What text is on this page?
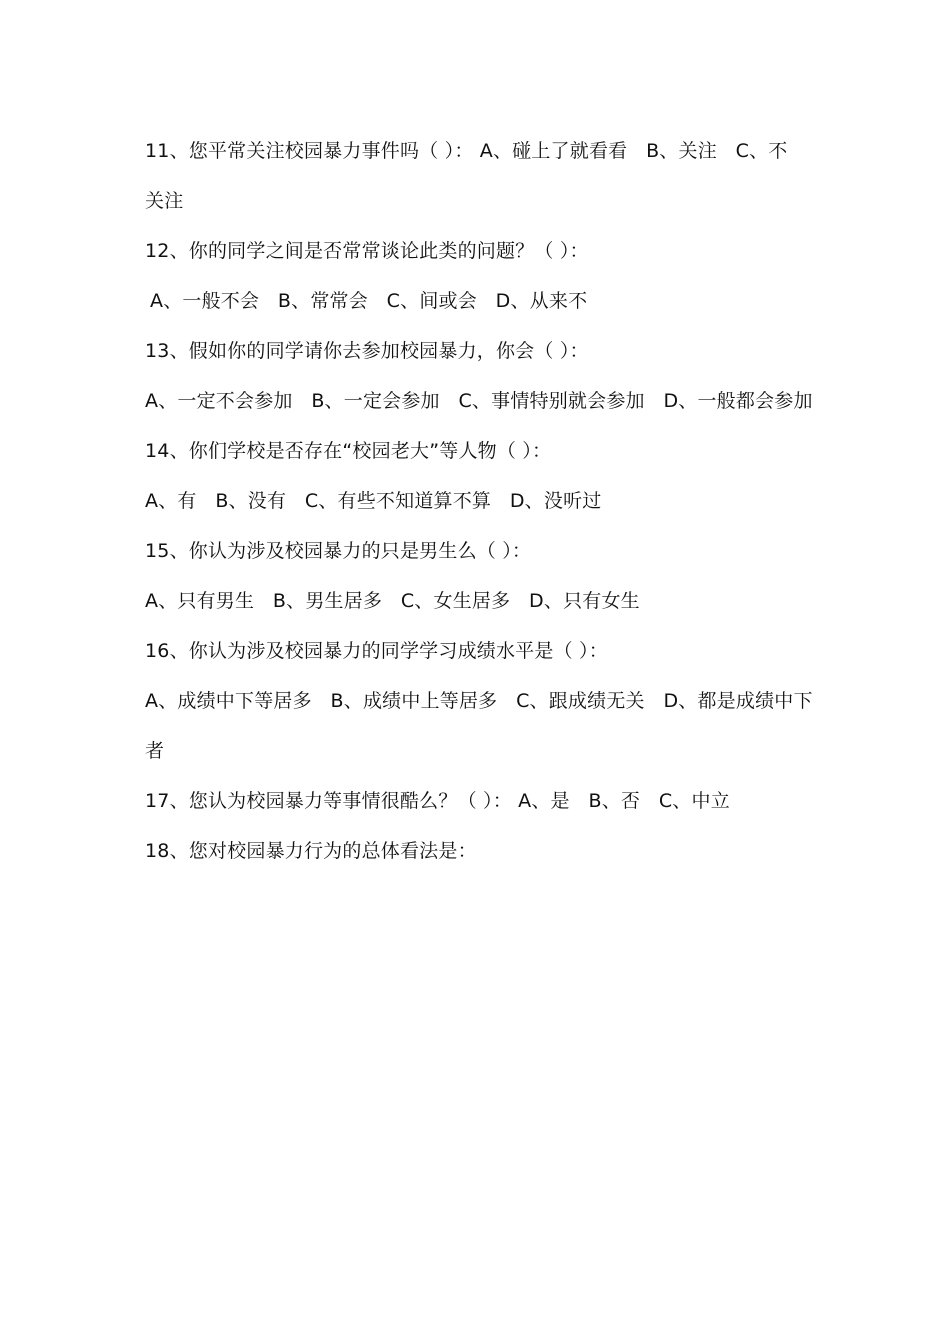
11、您平常关注校园暴力事件吗（ ）： A、碰上了就看看   B、关注   C、不
关注
12、你的同学之间是否常常谈论此类的问题？（ ）：
A、一般不会   B、常常会   C、间或会   D、从来不
13、假如你的同学请你去参加校园暴力，你会（ ）：
A、一定不会参加   B、一定会参加   C、事情特别就会参加   D、一般都会参加
14、你们学校是否存在“校园老大”等人物（ ）：
A、有   B、没有   C、有些不知道算不算   D、没听过
15、你认为涉及校园暴力的只是男生么（ ）：
A、只有男生   B、男生居多   C、女生居多   D、只有女生
16、你认为涉及校园暴力的同学学习成绩水平是（ ）：
A、成绩中下等居多   B、成绩中上等居多   C、跟成绩无关   D、都是成绩中下
者
17、您认为校园暴力等事情很酷么？（ ）： A、是   B、否   C、中立
18、您对校园暴力行为的总体看法是：
